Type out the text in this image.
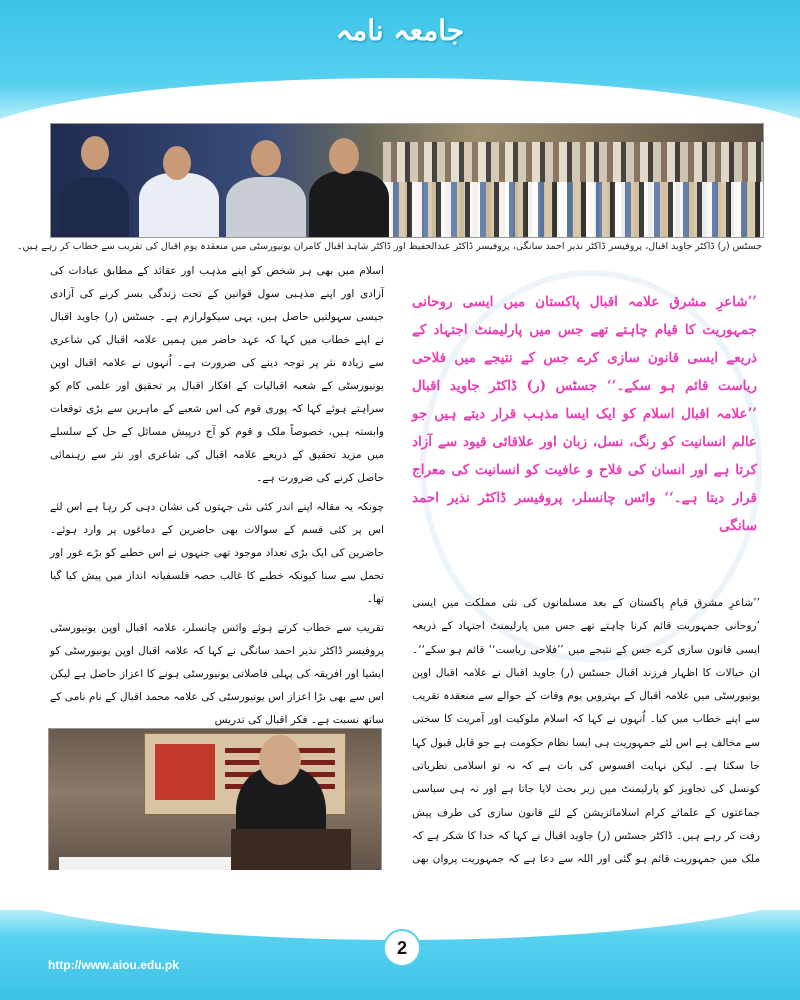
جامعہ نامہ
جسٹس (ر) ڈاکٹر جاوید اقبال، پروفیسر ڈاکٹر نذیر احمد سانگی، پروفیسر ڈاکٹر عبدالحفیظ اور ڈاکٹر شاہد اقبال کامران یونیورسٹی میں منعقدہ یوم اقبال کی تقریب سے خطاب کر رہے ہیں۔

اسلام میں بھی ہر شخص کو اپنے مذہب اور عقائد کے مطابق عبادات کی آزادی اور اپنے مذہبی سول قوانین کے تحت زندگی بسر کرنے کی آزادی جیسی سہولتیں حاصل ہیں، یہی سیکولرازم ہے۔ جسٹس (ر) جاوید اقبال نے اپنے خطاب میں کہا کہ عہد حاضر میں ہمیں علامہ اقبال کی شاعری سے زیادہ نثر پر توجہ دینے کی ضرورت ہے۔ اُنہوں نے علامہ اقبال اوپن یونیورسٹی کے شعبہ اقبالیات کے افکار اقبال پر تحقیق اور علمی کام کو سراہتے ہوئے کہا کہ پوری قوم کی اس شعبے کے ماہرین سے بڑی توقعات وابستہ ہیں، خصوصاً ملک و قوم کو آج درپیش مسائل کے حل کے سلسلے میں مزید تحقیق کے ذریعے علامہ اقبال کی شاعری اور نثر سے رہنمائی حاصل کرنے کی ضرورت ہے۔

چونکہ یہ مقالہ اپنے اندر کئی نئی جہتوں کی نشان دہی کر رہا ہے اس لئے اس پر کئی قسم کے سوالات بھی حاضرین کے دماغوں پر وارد ہوئے۔ حاضرین کی ایک بڑی تعداد موجود تھی جنہوں نے اس خطبے کو بڑے غور اور تحمل سے سنا کیونکہ خطبے کا غالب حصہ فلسفیانہ انداز میں پیش کیا گیا تھا۔

تقریب سے خطاب کرتے ہوئے وائس چانسلر، علامہ اقبال اوپن یونیورسٹی پروفیسر ڈاکٹر نذیر احمد سانگی نے کہا کہ علامہ اقبال اوپن یونیورسٹی کو ایشیا اور افریقہ کی پہلی فاصلاتی یونیورسٹی ہونے کا اعزاز حاصل ہے لیکن اس سے بھی بڑا اعزاز اس یونیورسٹی کی علامہ محمد اقبال کے نام نامی کے ساتھ نسبت ہے۔ فکر اقبال کی تدریس

’’شاعرِ مشرق علامہ اقبال پاکستان میں ایسی روحانی جمہوریت کا قیام چاہتے تھے جس میں پارلیمنٹ اجتہاد کے ذریعے ایسی قانون سازی کرے جس کے نتیجے میں فلاحی ریاست قائم ہو سکے۔‘‘ جسٹس (ر) ڈاکٹر جاوید اقبال ’’علامہ اقبال اسلام کو ایک ایسا مذہب قرار دیتے ہیں جو عالم انسانیت کو رنگ، نسل، زبان اور علاقائی قیود سے آزاد کرتا ہے اور انسان کی فلاح و عافیت کو انسانیت کی معراج قرار دیتا ہے۔‘‘ وائس چانسلر، پروفیسر ڈاکٹر نذیر احمد سانگی

’’شاعرِ مشرق قیامِ پاکستان کے بعد مسلمانوں کی نئی مملکت میں ایسی ’روحانی جمہوریت قائم کرنا چاہتے تھے جس میں پارلیمنٹ اجتہاد کے ذریعہ ایسی قانون سازی کرے جس کے نتیجے میں ’’فلاحی ریاست‘‘ قائم ہو سکے‘‘۔ ان خیالات کا اظہار فرزند اقبال جسٹس (ر) جاوید اقبال نے علامہ اقبال اوپن یونیورسٹی میں علامہ اقبال کے بہترویں یوم وفات کے حوالے سے منعقدہ تقریب سے اپنے خطاب میں کیا۔ اُنہوں نے کہا کہ اسلام ملوکیت اور آمریت کا سختی سے مخالف ہے اس لئے جمہوریت ہی ایسا نظام حکومت ہے جو قابل قبول کہا جا سکتا ہے۔ لیکن نہایت افسوس کی بات ہے کہ نہ تو اسلامی نظریاتی کونسل کی تجاویز کو پارلیمنٹ میں زیر بحث لایا جاتا ہے اور نہ ہی سیاسی جماعتوں کے علمائے کرام اسلامائزیشن کے لئے قانون سازی کی طرف پیش رفت کر رہے ہیں۔ ڈاکٹر جسٹس (ر) جاوید اقبال نے کہا کہ خدا کا شکر ہے کہ ملک میں جمہوریت قائم ہو گئی اور اللہ سے دعا ہے کہ جمہوریت پروان بھی

2
http://www.aiou.edu.pk
